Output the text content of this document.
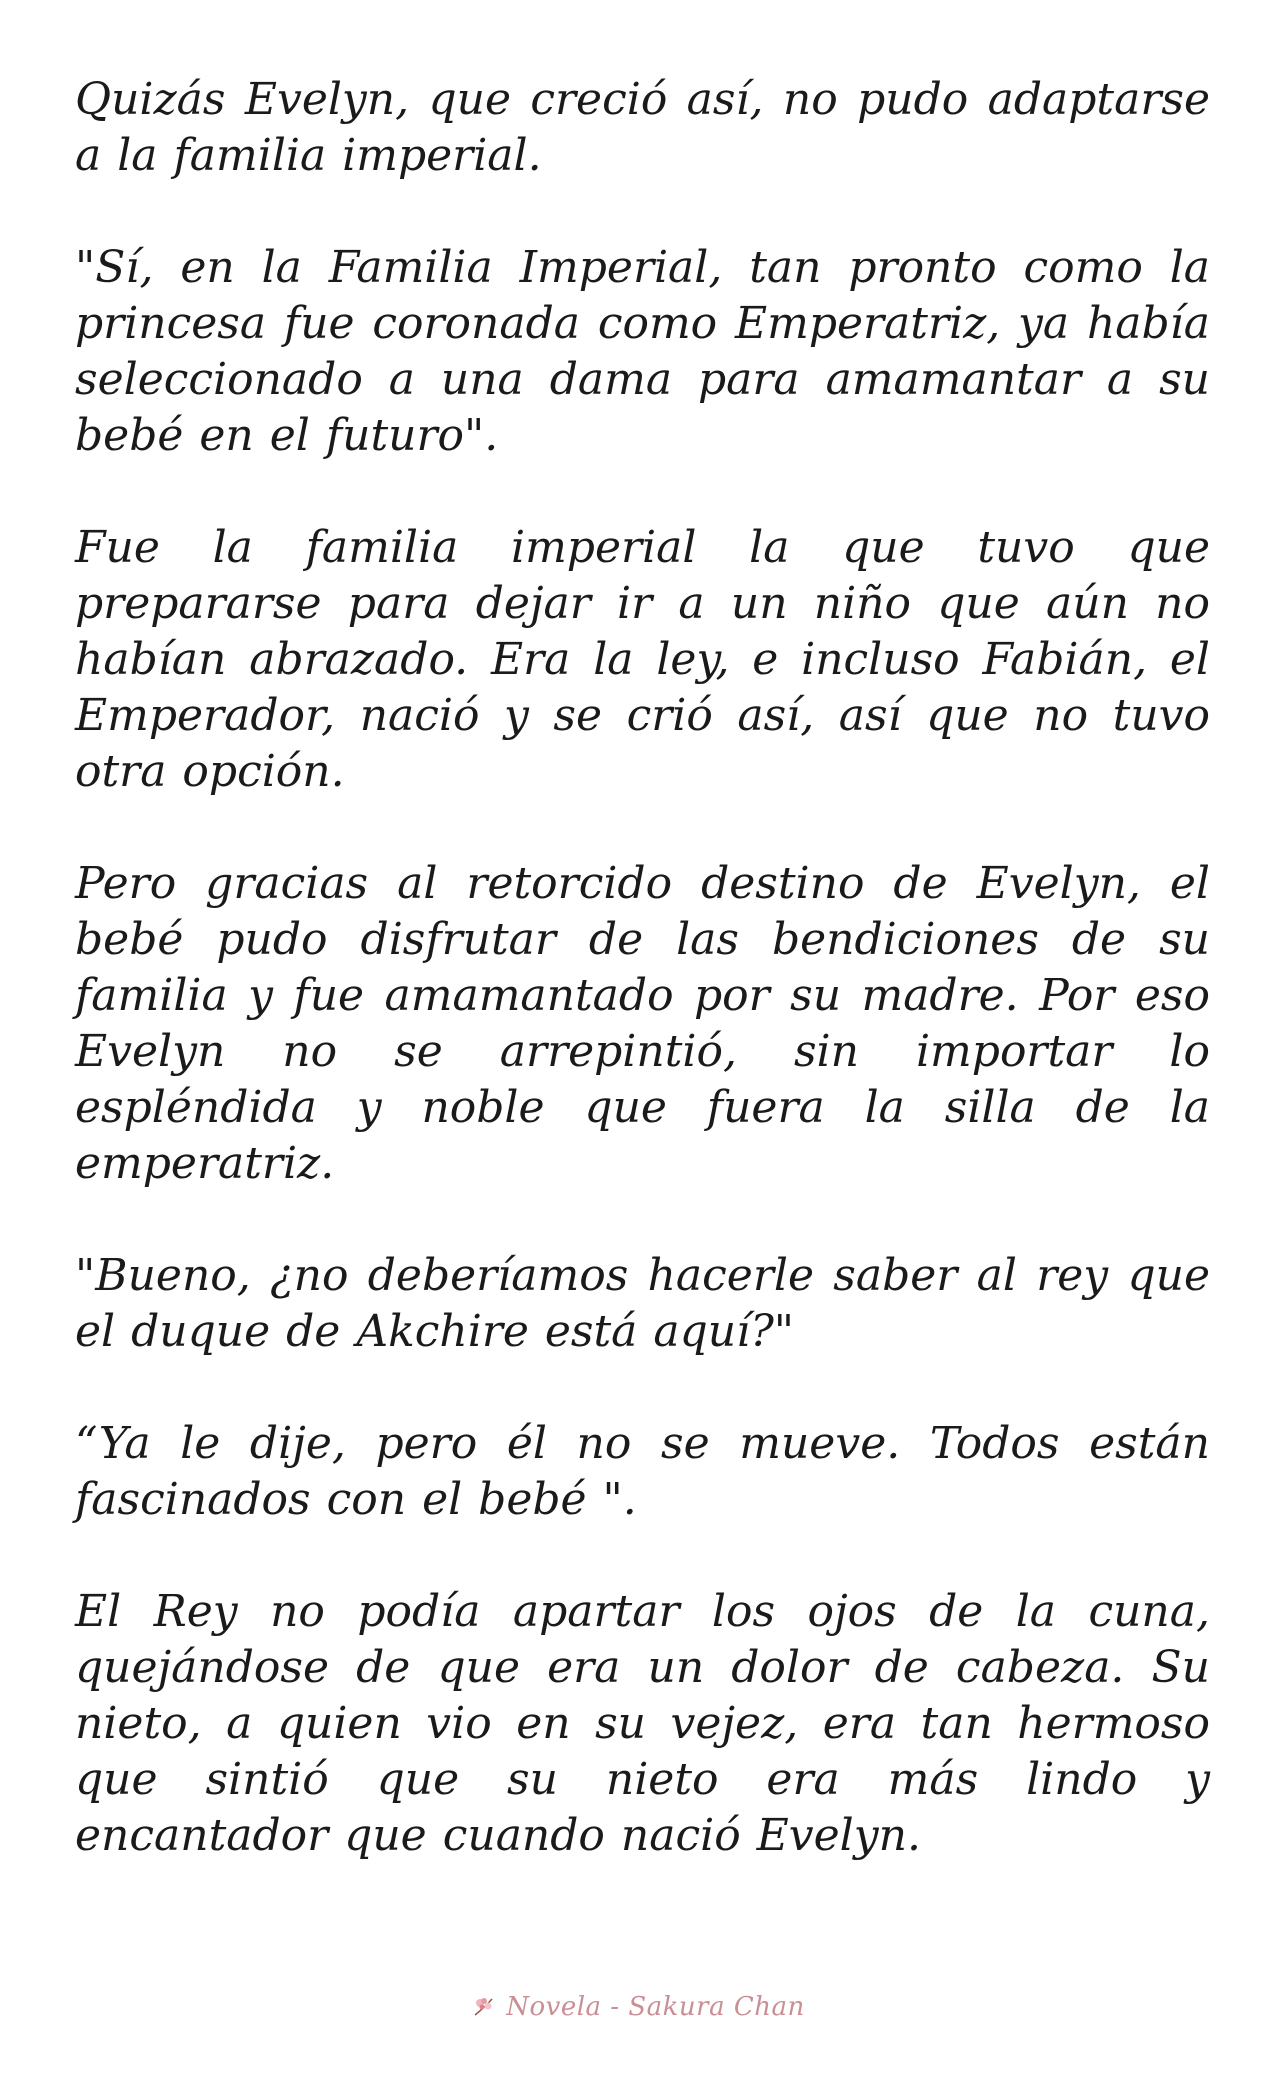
Quizás Evelyn, que creció así, no pudo adaptarse a la familia imperial.

"Sí, en la Familia Imperial, tan pronto como la princesa fue coronada como Emperatriz, ya había seleccionado a una dama para amamantar a su bebé en el futuro".

Fue la familia imperial la que tuvo que prepararse para dejar ir a un niño que aún no habían abrazado. Era la ley, e incluso Fabián, el Emperador, nació y se crió así, así que no tuvo otra opción.

Pero gracias al retorcido destino de Evelyn, el bebé pudo disfrutar de las bendiciones de su familia y fue amamantado por su madre. Por eso Evelyn no se arrepintió, sin importar lo espléndida y noble que fuera la silla de la emperatriz.

"Bueno, ¿no deberíamos hacerle saber al rey que el duque de Akchire está aquí?"

“Ya le dije, pero él no se mueve. Todos están fascinados con el bebé ".

El Rey no podía apartar los ojos de la cuna, quejándose de que era un dolor de cabeza. Su nieto, a quien vio en su vejez, era tan hermoso que sintió que su nieto era más lindo y encantador que cuando nació Evelyn.

Novela - Sakura Chan
